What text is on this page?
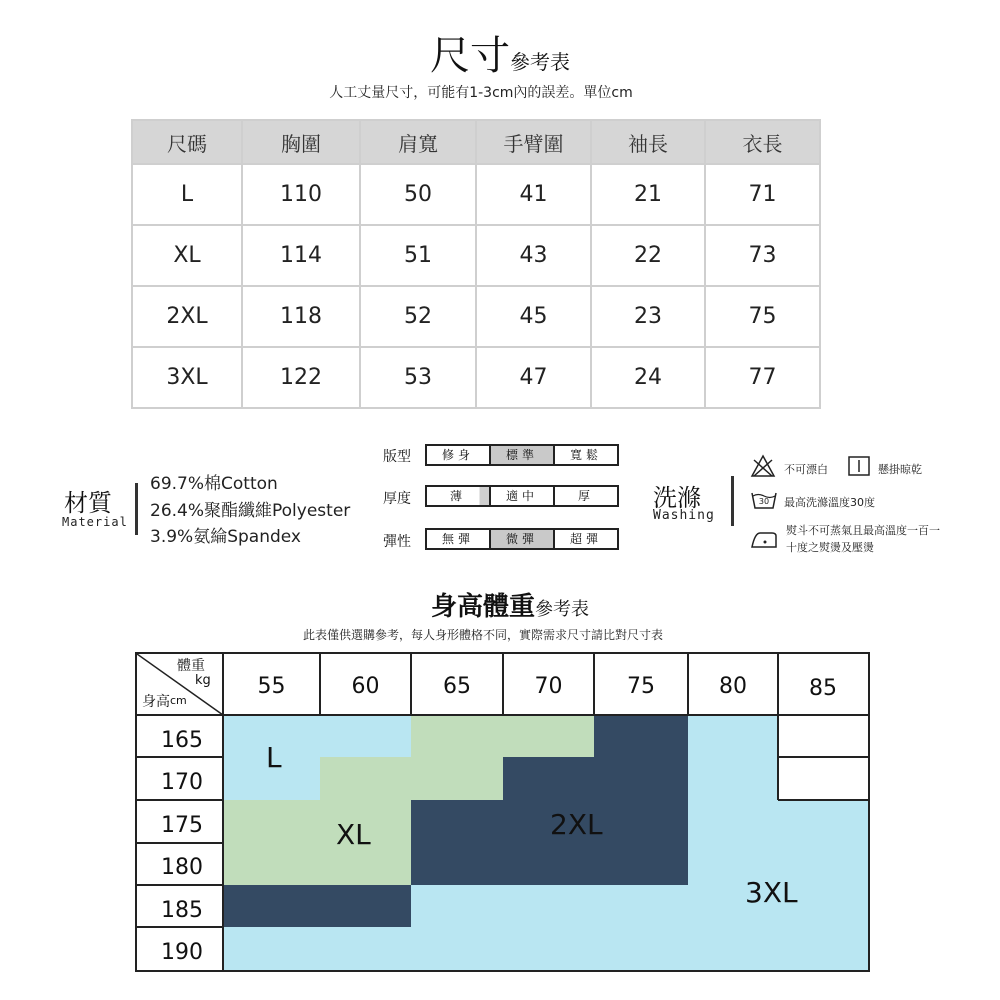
尺寸參考表
人工丈量尺寸，可能有1-3cm內的誤差。單位cm
尺碼	胸圍	肩寬	手臂圍	袖長	衣長
L	110	50	41	21	71
XL	114	51	43	22	73
2XL	118	52	45	23	75
3XL	122	53	47	24	77
材質
Material
69.7%棉Cotton
26.4%聚酯纖維Polyester
3.9%氨綸Spandex
版型	修身	標準	寬鬆
厚度	薄	適中	厚
彈性	無彈	微彈	超彈
洗滌
Washing
不可漂白	懸掛晾乾
30	最高洗滌溫度30度
熨斗不可蒸氣且最高溫度一百一
十度之熨燙及壓燙
身高體重參考表
此表僅供選購參考，每人身形體格不同，實際需求尺寸請比對尺寸表
體重
kg
身高 cm
55	60	65	70	75	80	85
165
170
175
180
185
190
L
XL	2XL
3XL
